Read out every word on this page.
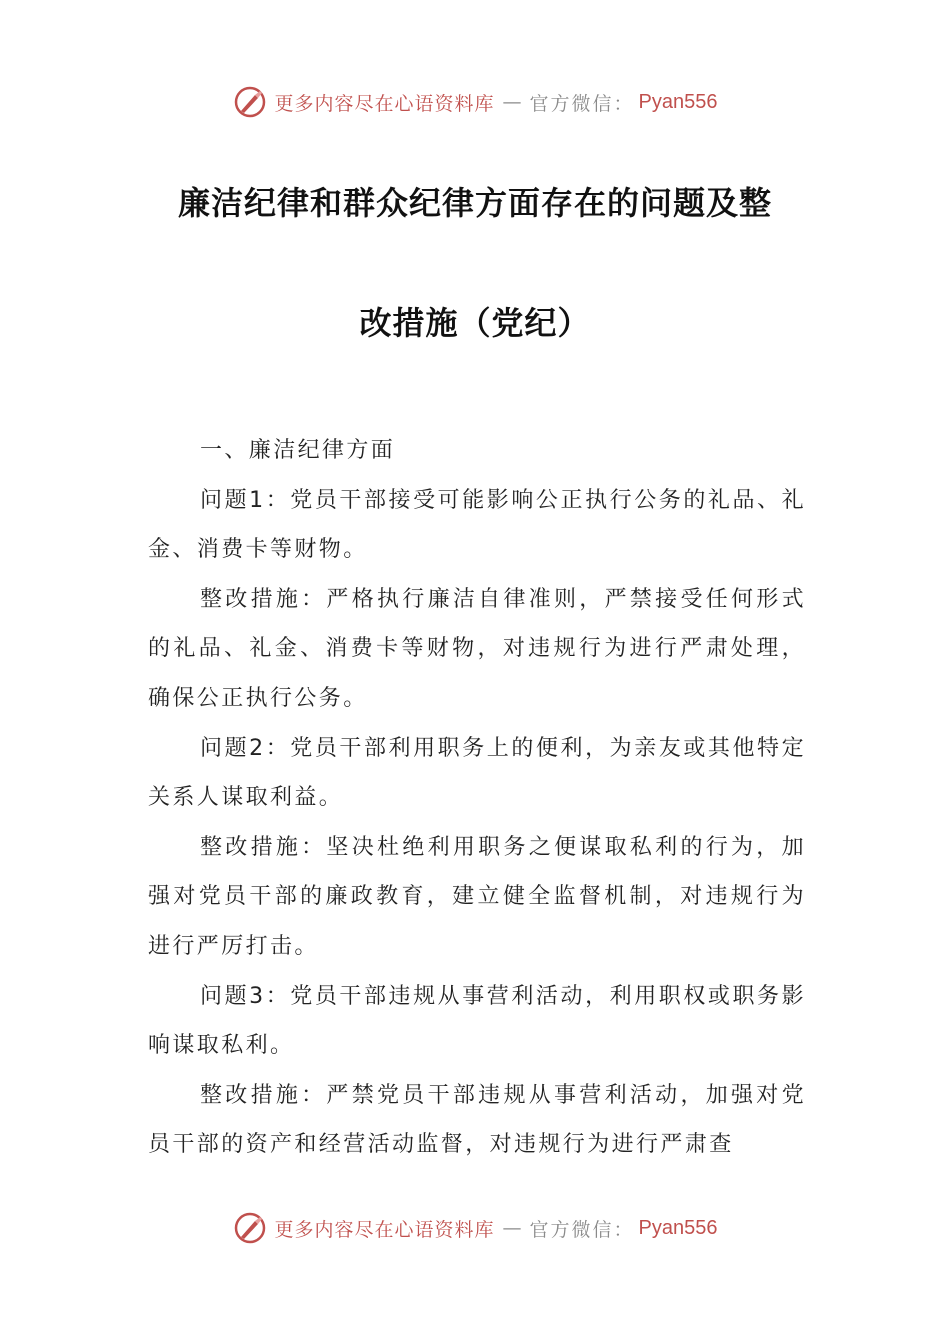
更多内容尽在心语资料库 — 官方微信： Pyan556
廉洁纪律和群众纪律方面存在的问题及整
改措施（党纪）

一、廉洁纪律方面

问题1：党员干部接受可能影响公正执行公务的礼品、礼金、消费卡等财物。

整改措施：严格执行廉洁自律准则，严禁接受任何形式的礼品、礼金、消费卡等财物，对违规行为进行严肃处理，确保公正执行公务。

问题2：党员干部利用职务上的便利，为亲友或其他特定关系人谋取利益。

整改措施：坚决杜绝利用职务之便谋取私利的行为，加强对党员干部的廉政教育，建立健全监督机制，对违规行为进行严厉打击。

问题3：党员干部违规从事营利活动，利用职权或职务影响谋取私利。

整改措施：严禁党员干部违规从事营利活动，加强对党员干部的资产和经营活动监督，对违规行为进行严肃查

更多内容尽在心语资料库 — 官方微信： Pyan556
